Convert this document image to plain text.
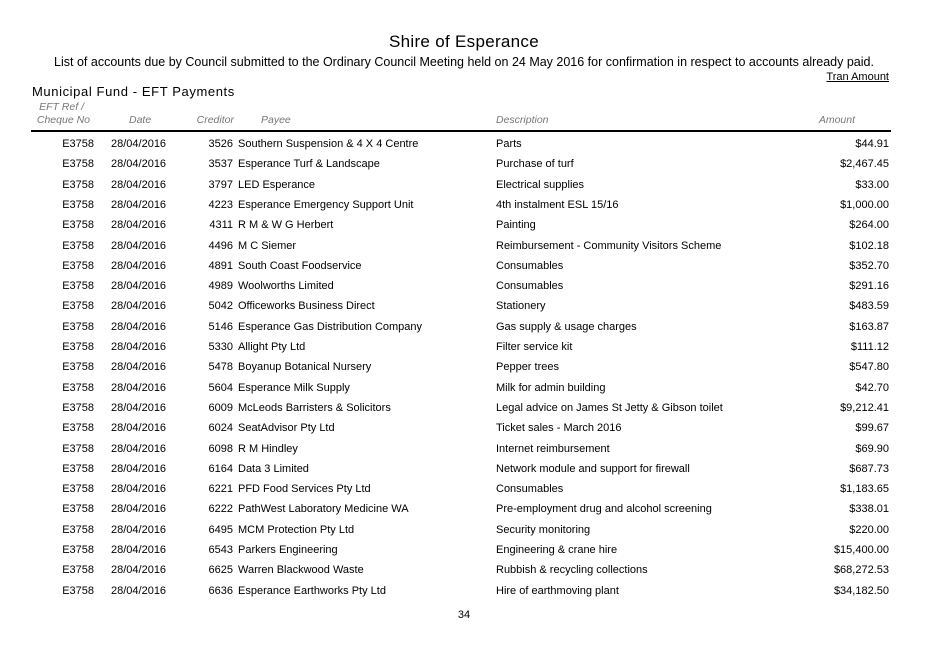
Shire of Esperance
List of accounts due by Council submitted to the Ordinary Council Meeting held on 24 May 2016 for confirmation in respect to accounts already paid.
Tran Amount
Municipal Fund - EFT Payments
EFT Ref /
Cheque No	Date	Creditor	Payee	Description	Amount
E3758 28/04/2016	3526 Southern Suspension & 4 X 4 Centre	Parts	$44.91
E3758 28/04/2016	3537 Esperance Turf & Landscape	Purchase of turf	$2,467.45
E3758 28/04/2016	3797 LED Esperance	Electrical supplies	$33.00
E3758 28/04/2016	4223 Esperance Emergency Support Unit	4th instalment ESL 15/16	$1,000.00
E3758 28/04/2016	4311 R M & W G Herbert	Painting	$264.00
E3758 28/04/2016	4496 M C Siemer	Reimbursement - Community Visitors Scheme	$102.18
E3758 28/04/2016	4891 South Coast Foodservice	Consumables	$352.70
E3758 28/04/2016	4989 Woolworths Limited	Consumables	$291.16
E3758 28/04/2016	5042 Officeworks Business Direct	Stationery	$483.59
E3758 28/04/2016	5146 Esperance Gas Distribution Company	Gas supply & usage charges	$163.87
E3758 28/04/2016	5330 Allight Pty Ltd	Filter service kit	$111.12
E3758 28/04/2016	5478 Boyanup Botanical Nursery	Pepper trees	$547.80
E3758 28/04/2016	5604 Esperance Milk Supply	Milk for admin building	$42.70
E3758 28/04/2016	6009 McLeods Barristers & Solicitors	Legal advice on James St Jetty & Gibson toilet	$9,212.41
E3758 28/04/2016	6024 SeatAdvisor Pty Ltd	Ticket sales - March 2016	$99.67
E3758 28/04/2016	6098 R M Hindley	Internet reimbursement	$69.90
E3758 28/04/2016	6164 Data 3 Limited	Network module and support for firewall	$687.73
E3758 28/04/2016	6221 PFD Food Services Pty Ltd	Consumables	$1,183.65
E3758 28/04/2016	6222 PathWest Laboratory Medicine WA	Pre-employment drug and alcohol screening	$338.01
E3758 28/04/2016	6495 MCM Protection Pty Ltd	Security monitoring	$220.00
E3758 28/04/2016	6543 Parkers Engineering	Engineering & crane hire	$15,400.00
E3758 28/04/2016	6625 Warren Blackwood Waste	Rubbish & recycling collections	$68,272.53
E3758 28/04/2016	6636 Esperance Earthworks Pty Ltd	Hire of earthmoving plant	$34,182.50
34
